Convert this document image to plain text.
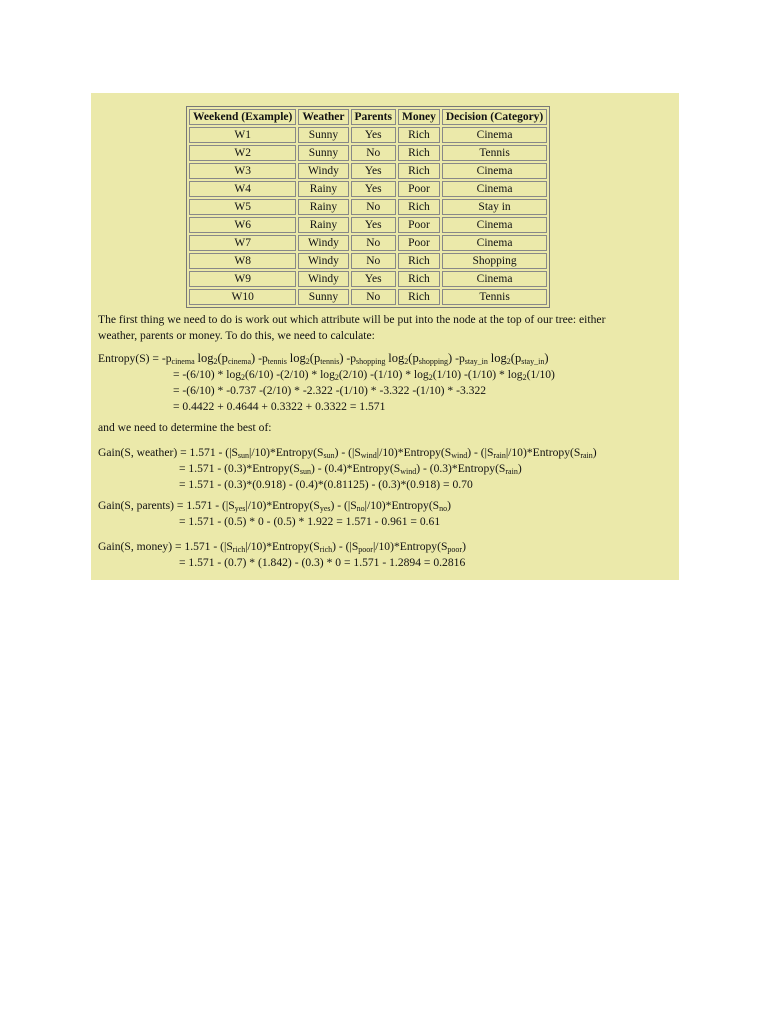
Weekend (Example)	Weather	Parents	Money	Decision (Category)
W1	Sunny	Yes	Rich	Cinema
W2	Sunny	No	Rich	Tennis
W3	Windy	Yes	Rich	Cinema
W4	Rainy	Yes	Poor	Cinema
W5	Rainy	No	Rich	Stay in
W6	Rainy	Yes	Poor	Cinema
W7	Windy	No	Poor	Cinema
W8	Windy	No	Rich	Shopping
W9	Windy	Yes	Rich	Cinema
W10	Sunny	No	Rich	Tennis
The first thing we need to do is work out which attribute will be put into the node at the top of our tree: either
weather, parents or money. To do this, we need to calculate:
Entropy(S) = $-p_{cinema}$ $\log_2(p_{cinema})$ $-p_{tennis}$ $\log_2(p_{tennis})$ $-p_{shopping}$ $\log_2(p_{shopping})$ $-p_{stay\_in}$ $\log_2(p_{stay\_in})$
= $-(6/10) * \log_2(6/10)$ $-(2/10) * \log_2(2/10)$ $-(1/10) * \log_2(1/10)$ $-(1/10) * \log_2(1/10)$
= -(6/10) * -0.737 -(2/10) * -2.322 -(1/10) * -3.322 -(1/10) * -3.322
= 0.4422 + 0.4644 + 0.3322 + 0.3322 = 1.571
and we need to determine the best of:
Gain(S, weather) = $1.571 - (|S_{sun}|/10)*Entropy(S_{sun})$ - $(|S_{wind}|/10)*Entropy(S_{wind})$ - $(|S_{rain}|/10)*Entropy(S_{rain})$
= $1.571 - (0.3)*Entropy(S_{sun})$ - $(0.4)*Entropy(S_{wind})$ - $(0.3)*Entropy(S_{rain})$
= 1.571 - (0.3)*(0.918) - (0.4)*(0.81125) - (0.3)*(0.918) = 0.70
Gain(S, parents) = $1.571 - (|S_{yes}|/10)*Entropy(S_{yes})$ - $(|S_{no}|/10)*Entropy(S_{no})$
= 1.571 - (0.5) * 0 - (0.5) * 1.922 = 1.571 - 0.961 = 0.61
Gain(S, money) = $1.571 - (|S_{rich}|/10)*Entropy(S_{rich})$ - $(|S_{poor}|/10)*Entropy(S_{poor})$
= 1.571 - (0.7) * (1.842) - (0.3) * 0 = 1.571 - 1.2894 = 0.2816
